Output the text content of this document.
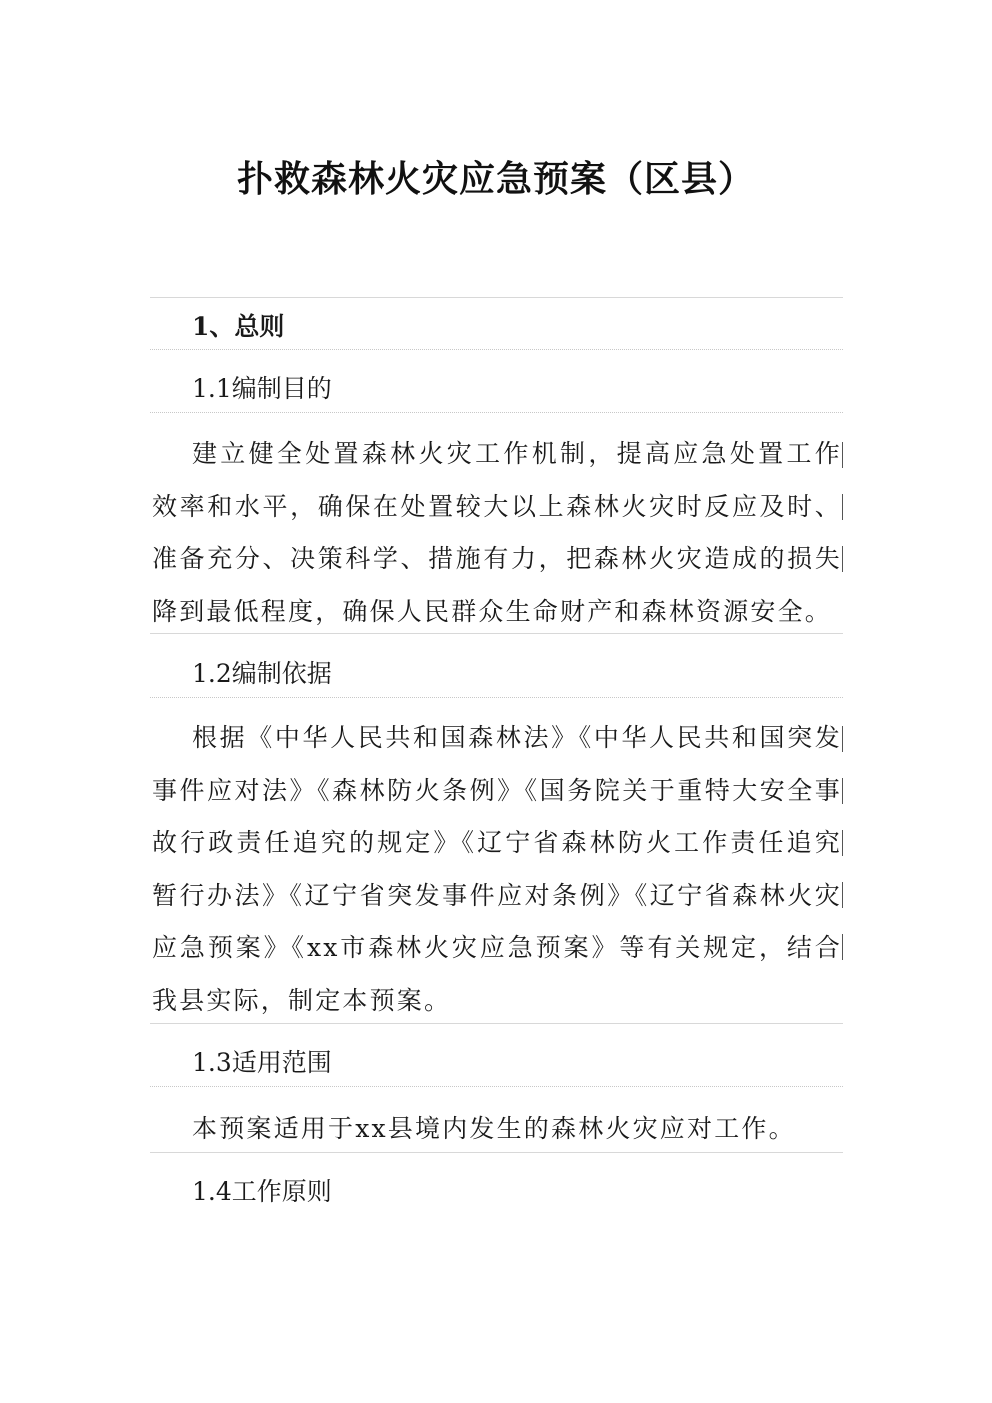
扑救森林火灾应急预案（区县）

1、总则

1.1编制目的

建立健全处置森林火灾工作机制，提高应急处置工作效率和水平，确保在处置较大以上森林火灾时反应及时、准备充分、决策科学、措施有力，把森林火灾造成的损失降到最低程度，确保人民群众生命财产和森林资源安全。

1.2编制依据

根据《中华人民共和国森林法》《中华人民共和国突发事件应对法》《森林防火条例》《国务院关于重特大安全事故行政责任追究的规定》《辽宁省森林防火工作责任追究暂行办法》《辽宁省突发事件应对条例》《辽宁省森林火灾应急预案》《xx市森林火灾应急预案》等有关规定，结合我县实际，制定本预案。

1.3适用范围

本预案适用于xx县境内发生的森林火灾应对工作。

1.4工作原则
